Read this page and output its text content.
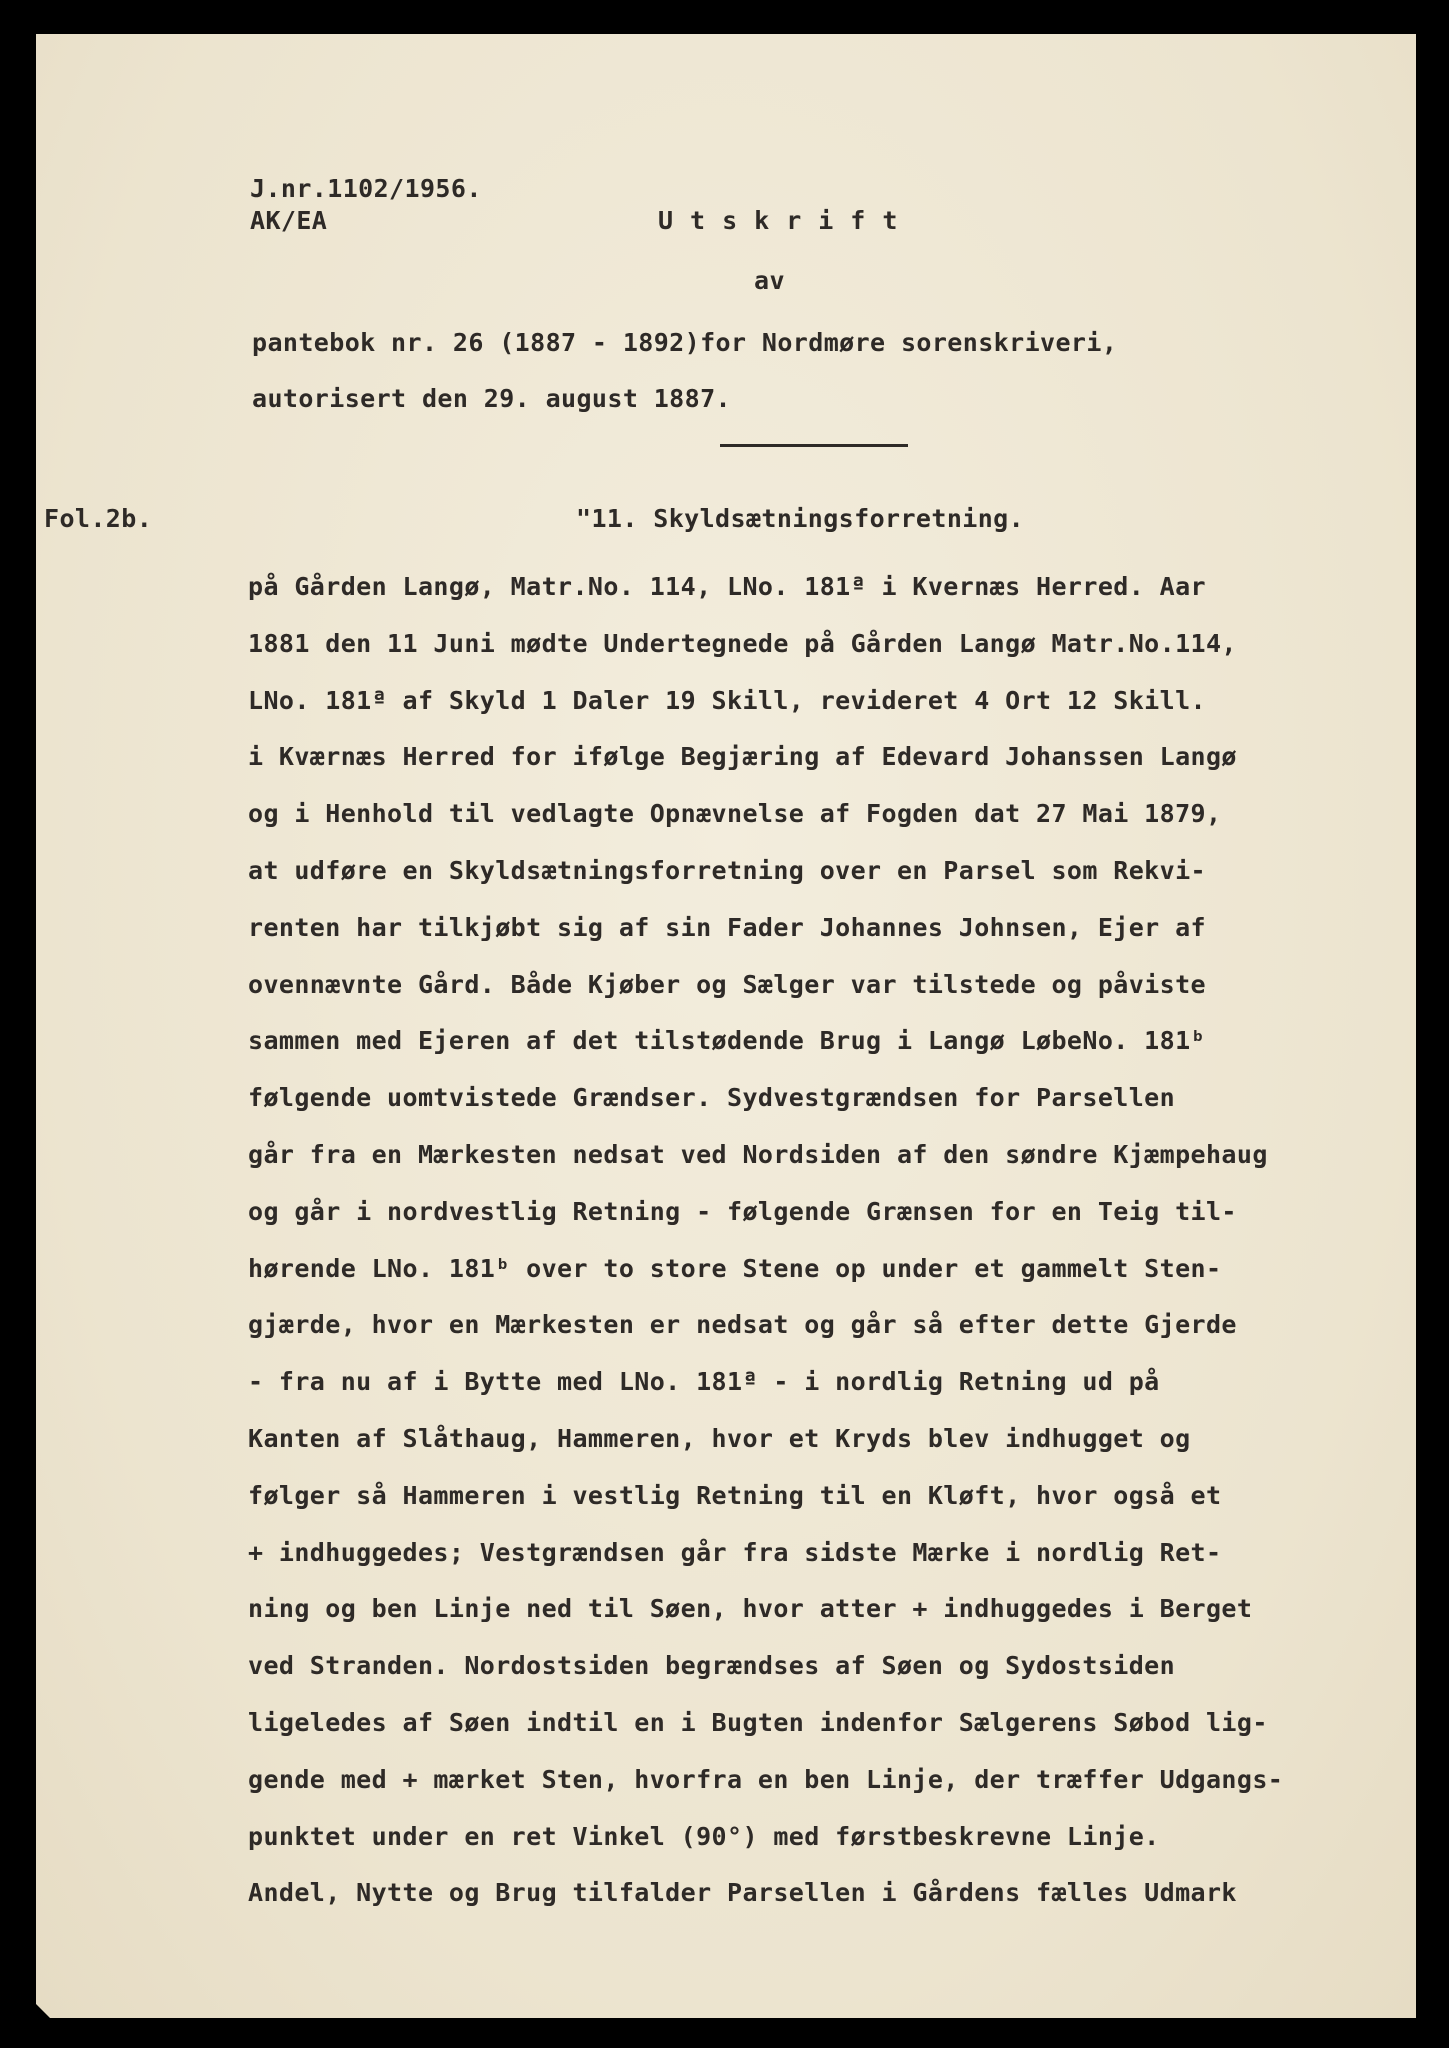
J.nr.1102/1956.
AK/EA	Utskrift
av
pantebok nr. 26 (1887 - 1892)for Nordmøre sorenskriveri,
autorisert den 29. august 1887.
Fol.2b.	"11. Skyldsætningsforretning.
på Gården Langø, Matr.No. 114, LNo. 181ª i Kvernæs Herred. Aar
1881 den 11 Juni mødte Undertegnede på Gården Langø Matr.No.114,
LNo. 181ª af Skyld 1 Daler 19 Skill, revideret 4 Ort 12 Skill.
i Kværnæs Herred for ifølge Begjæring af Edevard Johanssen Langø
og i Henhold til vedlagte Opnævnelse af Fogden dat 27 Mai 1879,
at udføre en Skyldsætningsforretning over en Parsel som Rekvi-
renten har tilkjøbt sig af sin Fader Johannes Johnsen, Ejer af
ovennævnte Gård. Både Kjøber og Sælger var tilstede og påviste
sammen med Ejeren af det tilstødende Brug i Langø LøbeNo. 181ᵇ
følgende uomtvistede Grændser. Sydvestgrændsen for Parsellen
går fra en Mærkesten nedsat ved Nordsiden af den søndre Kjæmpehaug
og går i nordvestlig Retning - følgende Grænsen for en Teig til-
hørende LNo. 181ᵇ over to store Stene op under et gammelt Sten-
gjærde, hvor en Mærkesten er nedsat og går så efter dette Gjerde
- fra nu af i Bytte med LNo. 181ª - i nordlig Retning ud på
Kanten af Slåthaug, Hammeren, hvor et Kryds blev indhugget og
følger så Hammeren i vestlig Retning til en Kløft, hvor også et
+ indhuggedes; Vestgrændsen går fra sidste Mærke i nordlig Ret-
ning og ben Linje ned til Søen, hvor atter + indhuggedes i Berget
ved Stranden. Nordostsiden begrændses af Søen og Sydostsiden
ligeledes af Søen indtil en i Bugten indenfor Sælgerens Søbod lig-
gende med + mærket Sten, hvorfra en ben Linje, der træffer Udgangs-
punktet under en ret Vinkel (90°) med førstbeskrevne Linje.
Andel, Nytte og Brug tilfalder Parsellen i Gårdens fælles Udmark
